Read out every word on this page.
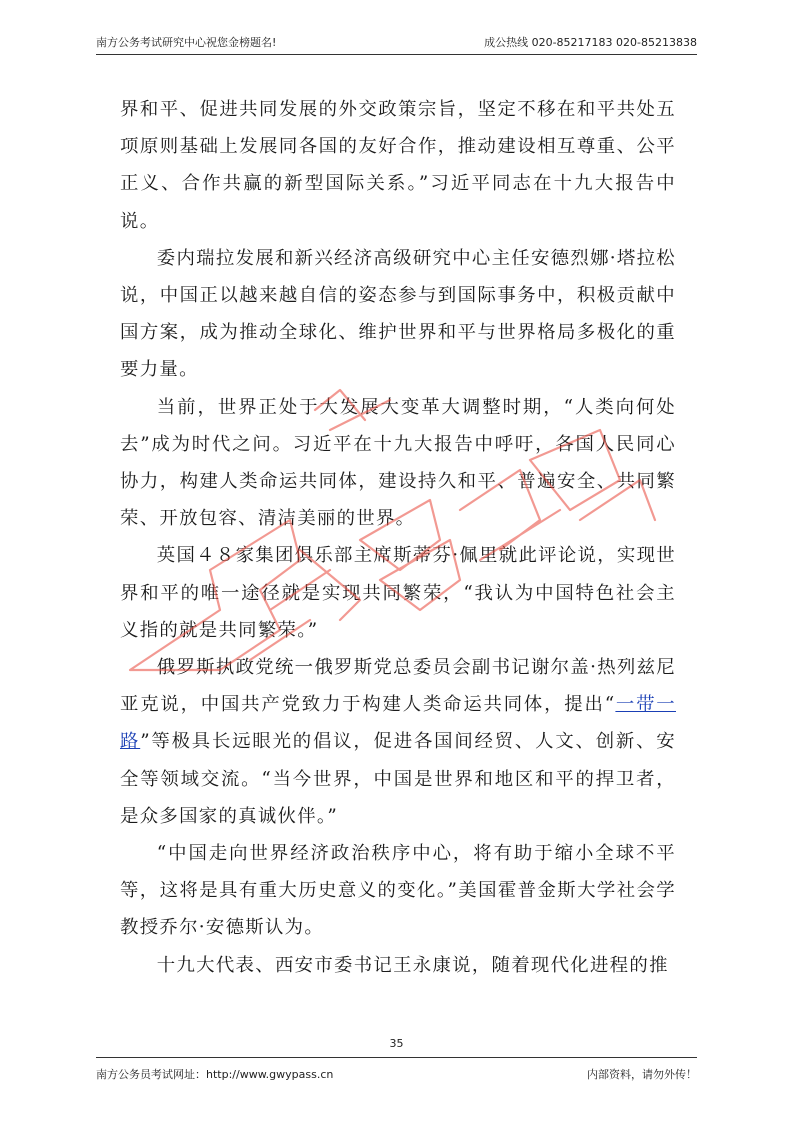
南方公务考试研究中心祝您金榜题名!	成公热线 020-85217183 020-85213838

界和平、促进共同发展的外交政策宗旨，坚定不移在和平共处五项原则基础上发展同各国的友好合作，推动建设相互尊重、公平正义、合作共赢的新型国际关系。”习近平同志在十九大报告中说。

委内瑞拉发展和新兴经济高级研究中心主任安德烈娜·塔拉松说，中国正以越来越自信的姿态参与到国际事务中，积极贡献中国方案，成为推动全球化、维护世界和平与世界格局多极化的重要力量。

当前，世界正处于大发展大变革大调整时期，“人类向何处去”成为时代之问。习近平在十九大报告中呼吁，各国人民同心协力，构建人类命运共同体，建设持久和平、普遍安全、共同繁荣、开放包容、清洁美丽的世界。

英国４８家集团俱乐部主席斯蒂芬·佩里就此评论说，实现世界和平的唯一途径就是实现共同繁荣，“我认为中国特色社会主义指的就是共同繁荣。”

俄罗斯执政党统一俄罗斯党总委员会副书记谢尔盖·热列兹尼亚克说，中国共产党致力于构建人类命运共同体，提出“一带一路”等极具长远眼光的倡议，促进各国间经贸、人文、创新、安全等领域交流。“当今世界，中国是世界和地区和平的捍卫者，是众多国家的真诚伙伴。”

“中国走向世界经济政治秩序中心，将有助于缩小全球不平等，这将是具有重大历史意义的变化。”美国霍普金斯大学社会学教授乔尔·安德斯认为。

十九大代表、西安市委书记王永康说，随着现代化进程的推

35
南方公务员考试网址：http://www.gwypass.cn	内部资料，请勿外传！
